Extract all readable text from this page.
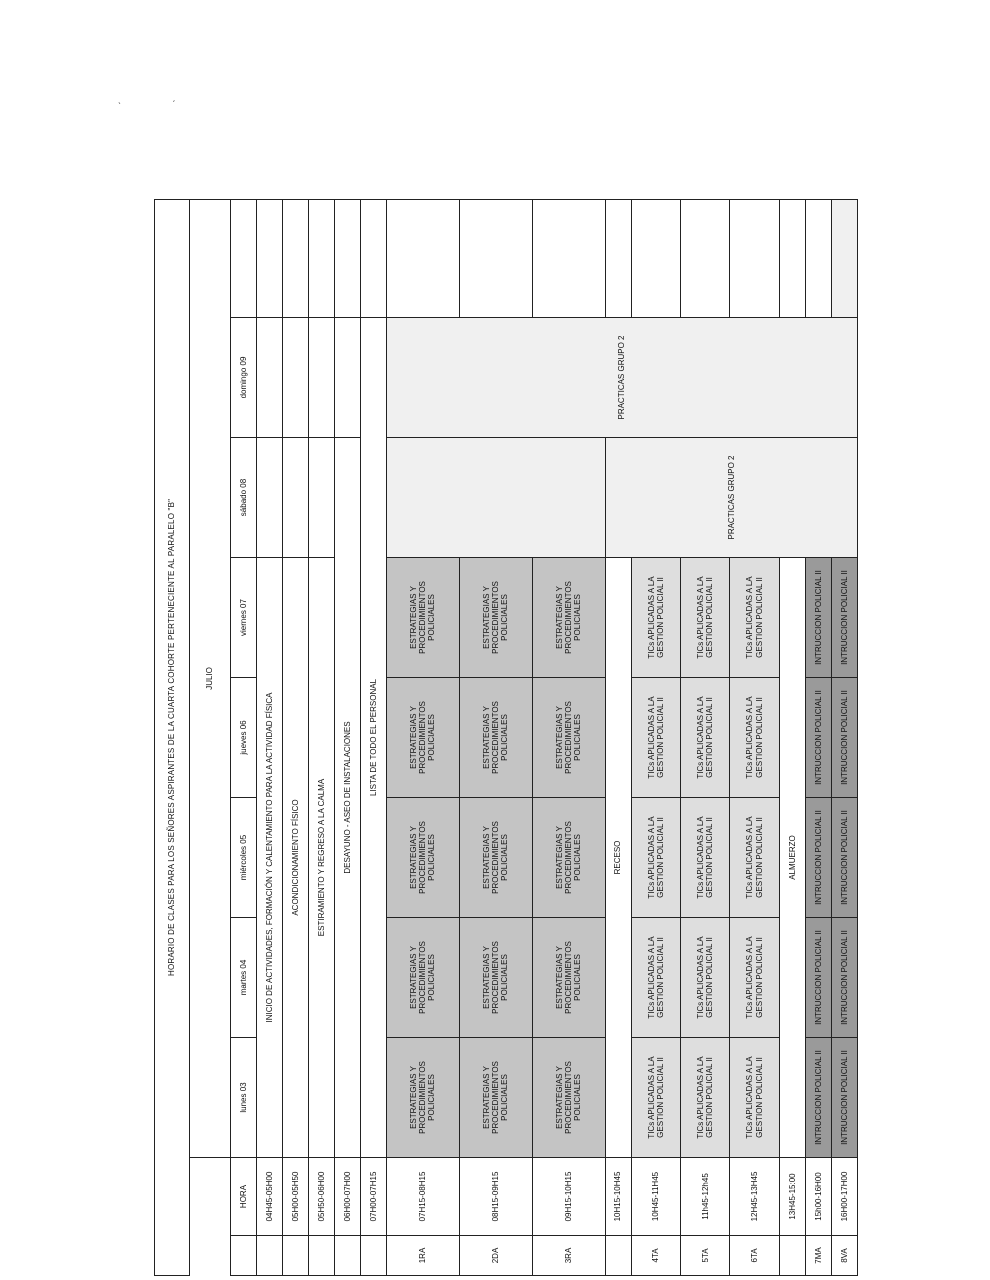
ˎ	ˏ
HORARIO DE CLASES PARA LOS SEÑORES ASPIRANTES DE LA CUARTA COHORTE PERTENECIENTE AL PARALELO "B"										
		JULIO								
	HORA	lunes 03	martes 04	miércoles 05	jueves 06	viernes 07	sábado 08	domingo 09		
	04H45-05H00	INICIO DE ACTIVIDADES, FORMACIÓN Y CALENTAMIENTO PARA LA ACTIVIDAD FÍSICA								
	05H00-05H50	ACONDICIONAMIENTO FÍSICO								
	05H50-06H00	ESTIRAMIENTO Y REGRESO A LA CALMA								
	06H00-07H00	DESAYUNO - ASEO DE INSTALACIONES								
	07H00-07H15	LISTA DE TODO EL PERSONAL								
1RA	07H15-08H15	ESTRATEGIAS Y PROCEDIMIENTOS POLICIALES	ESTRATEGIAS Y PROCEDIMIENTOS POLICIALES	ESTRATEGIAS Y PROCEDIMIENTOS POLICIALES	ESTRATEGIAS Y PROCEDIMIENTOS POLICIALES	ESTRATEGIAS Y PROCEDIMIENTOS POLICIALES		PRACTICAS GRUPO 2		
2DA	08H15-09H15	ESTRATEGIAS Y PROCEDIMIENTOS POLICIALES	ESTRATEGIAS Y PROCEDIMIENTOS POLICIALES	ESTRATEGIAS Y PROCEDIMIENTOS POLICIALES	ESTRATEGIAS Y PROCEDIMIENTOS POLICIALES	ESTRATEGIAS Y PROCEDIMIENTOS POLICIALES				
3RA	09H15-10H15	ESTRATEGIAS Y PROCEDIMIENTOS POLICIALES	ESTRATEGIAS Y PROCEDIMIENTOS POLICIALES	ESTRATEGIAS Y PROCEDIMIENTOS POLICIALES	ESTRATEGIAS Y PROCEDIMIENTOS POLICIALES	ESTRATEGIAS Y PROCEDIMIENTOS POLICIALES				
	10H15-10H45	RECESO					PRACTICAS GRUPO 2			
4TA	10H45-11H45	TICs APLICADAS A LA GESTION POLICIAL II	TICs APLICADAS A LA GESTION POLICIAL II	TICs APLICADAS A LA GESTION POLICIAL II	TICs APLICADAS A LA GESTION POLICIAL II	TICs APLICADAS A LA GESTION POLICIAL II				
5TA	11h45-12h45	TICs APLICADAS A LA GESTION POLICIAL II	TICs APLICADAS A LA GESTION POLICIAL II	TICs APLICADAS A LA GESTION POLICIAL II	TICs APLICADAS A LA GESTION POLICIAL II	TICs APLICADAS A LA GESTION POLICIAL II				
6TA	12H45-13H45	TICs APLICADAS A LA GESTION POLICIAL II	TICs APLICADAS A LA GESTION POLICIAL II	TICs APLICADAS A LA GESTION POLICIAL II	TICs APLICADAS A LA GESTION POLICIAL II	TICs APLICADAS A LA GESTION POLICIAL II				
	13H45-15:00	ALMUERZO								
7MA	15h00-16H00	INTRUCCION POLICIAL II	INTRUCCION POLICIAL II	INTRUCCION POLICIAL II	INTRUCCION POLICIAL II	INTRUCCION POLICIAL II				
8VA	16H00-17H00	INTRUCCION POLICIAL II	INTRUCCION POLICIAL II	INTRUCCION POLICIAL II	INTRUCCION POLICIAL II	INTRUCCION POLICIAL II				
